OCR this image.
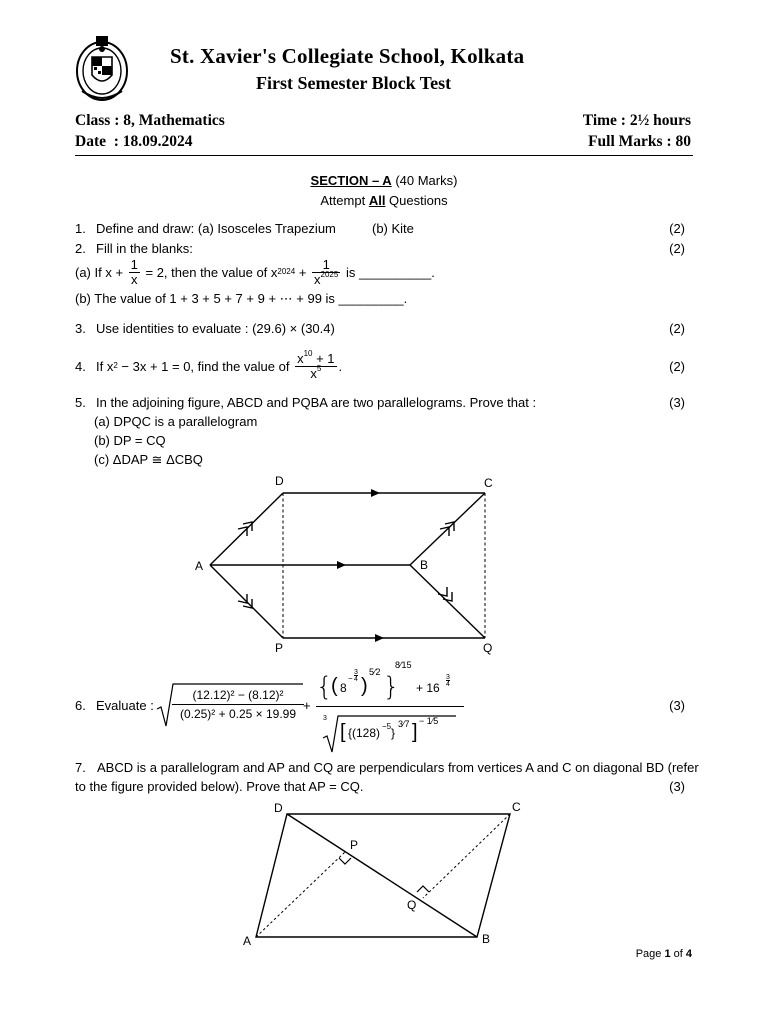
St. Xavier's Collegiate School, Kolkata
First Semester Block Test
Class : 8, Mathematics
Date  : 18.09.2024
Time : 2½ hours
Full Marks : 80
SECTION – A (40 Marks)
Attempt All Questions
1. Define and draw: (a) Isosceles Trapezium	(b) Kite	(2)
2. Fill in the blanks:	(2)
(a) If $x + \frac{1}{x} = 2$, then the value of x $2024 + \frac{1}{x^{2025}}$ is __________.
(b) The value of 1 + 3 + 5 + 7 + 9 + ⋯ + 99 is _________.
3. Use identities to evaluate : (29.6) × (30.4)	(2)
4. If x 2 − 3x + 1 = 0, find the value of $\frac{x^{10} + 1}{x^5}$ .	(2)
5. In the adjoining figure, ABCD and PQBA are two parallelograms. Prove that :	(3)
(a) DPQC is a parallelogram
(b) DP = CQ
(c) ΔDAP ≅ ΔCBQ
D	C
A	B
P	Q
6. Evaluate :	(3)
$\frac{\text{(12.12)² − (8.12)²}}{\text{(0.25)² + 0.25 × 19.99}}$ +
{
( 8
−
3
4 )
5⁄2 }
8⁄15
+ 16
3
4
3
[ {(128) −5 }
3⁄7 ] − 1⁄5
7. ABCD is a parallelogram and AP and CQ are perpendiculars from vertices A and C on diagonal BD (refer
to the figure provided below). Prove that AP = CQ.	(3)
D	C
A	B
P
Q
Page 1 of 4
